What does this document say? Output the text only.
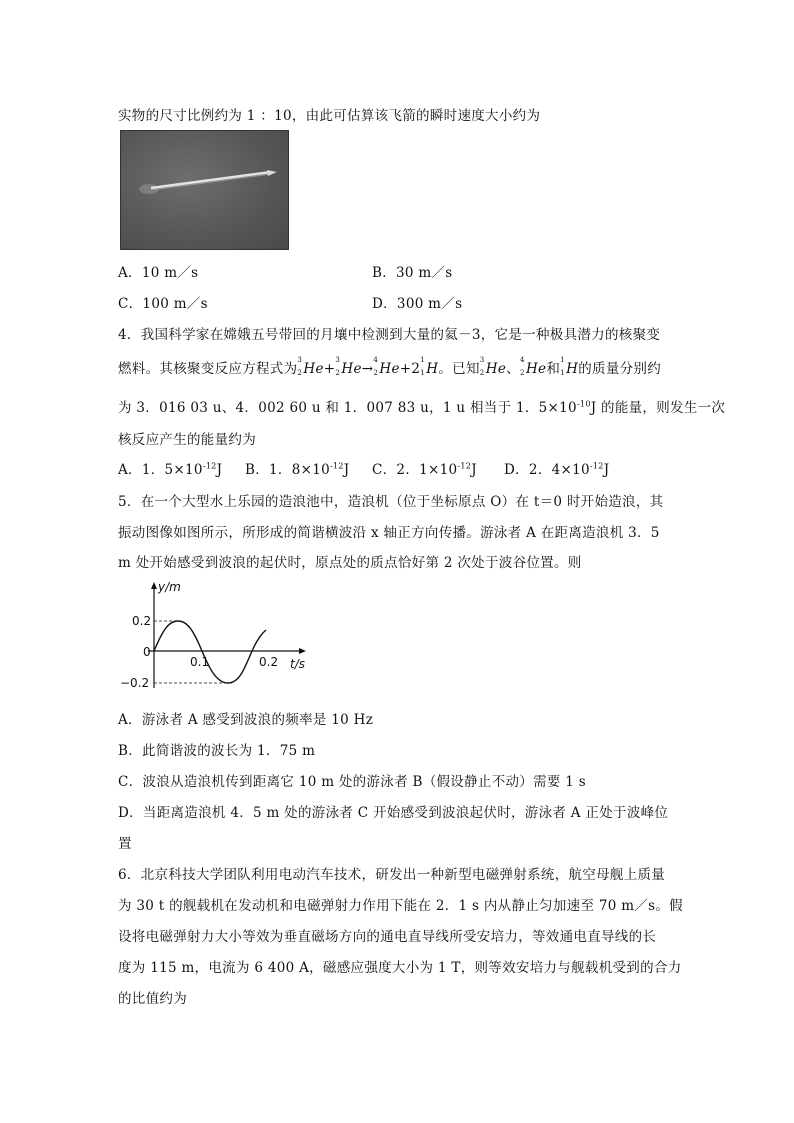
实物的尺寸比例约为 1 ：10，由此可估算该飞箭的瞬时速度大小约为
A．10 m／s	B．30 m／s
C．100 m／s	D．300 m／s
4．我国科学家在嫦娥五号带回的月壤中检测到大量的氦－3，它是一种极具潜力的核聚变
燃料。其核聚变反应方程式为
3
2 He+
3
2 He→
4
2 He+2
1
1 H。已知
3
2 He、
4
2 He和
1
1 H的质量分别约
为 3．016 03 u、4．002 60 u 和 1．007 83 u，1 u 相当于 1．$5\times 10^{-10}J$ 的能量，则发生一次
核反应产生的能量约为
A．1．$5\times 10^{-12}J$ B．1．$8\times 10^{-12}J$ C．2．$1\times 10^{-12}J$ D．2．$4\times 10^{-12}J$
5．在一个大型水上乐园的造浪池中，造浪机（位于坐标原点 O）在 t＝0 时开始造浪，其
振动图像如图所示，所形成的简谐横波沿 x 轴正方向传播。游泳者 A 在距离造浪机 3．5
m 处开始感受到波浪的起伏时，原点处的质点恰好第 2 次处于波谷位置。则
y/m
0.2
0
−0.2
0.1	0.2 t/s
A．游泳者 A 感受到波浪的频率是 10 Hz
B．此简谐波的波长为 1．75 m
C．波浪从造浪机传到距离它 10 m 处的游泳者 B（假设静止不动）需要 1 s
D．当距离造浪机 4．5 m 处的游泳者 C 开始感受到波浪起伏时，游泳者 A 正处于波峰位
置
6．北京科技大学团队利用电动汽车技术，研发出一种新型电磁弹射系统，航空母舰上质量
为 30 t 的舰载机在发动机和电磁弹射力作用下能在 2．1 s 内从静止匀加速至 70 m／s。假
设将电磁弹射力大小等效为垂直磁场方向的通电直导线所受安培力，等效通电直导线的长
度为 115 m，电流为 6 400 A，磁感应强度大小为 1 T，则等效安培力与舰载机受到的合力
的比值约为
